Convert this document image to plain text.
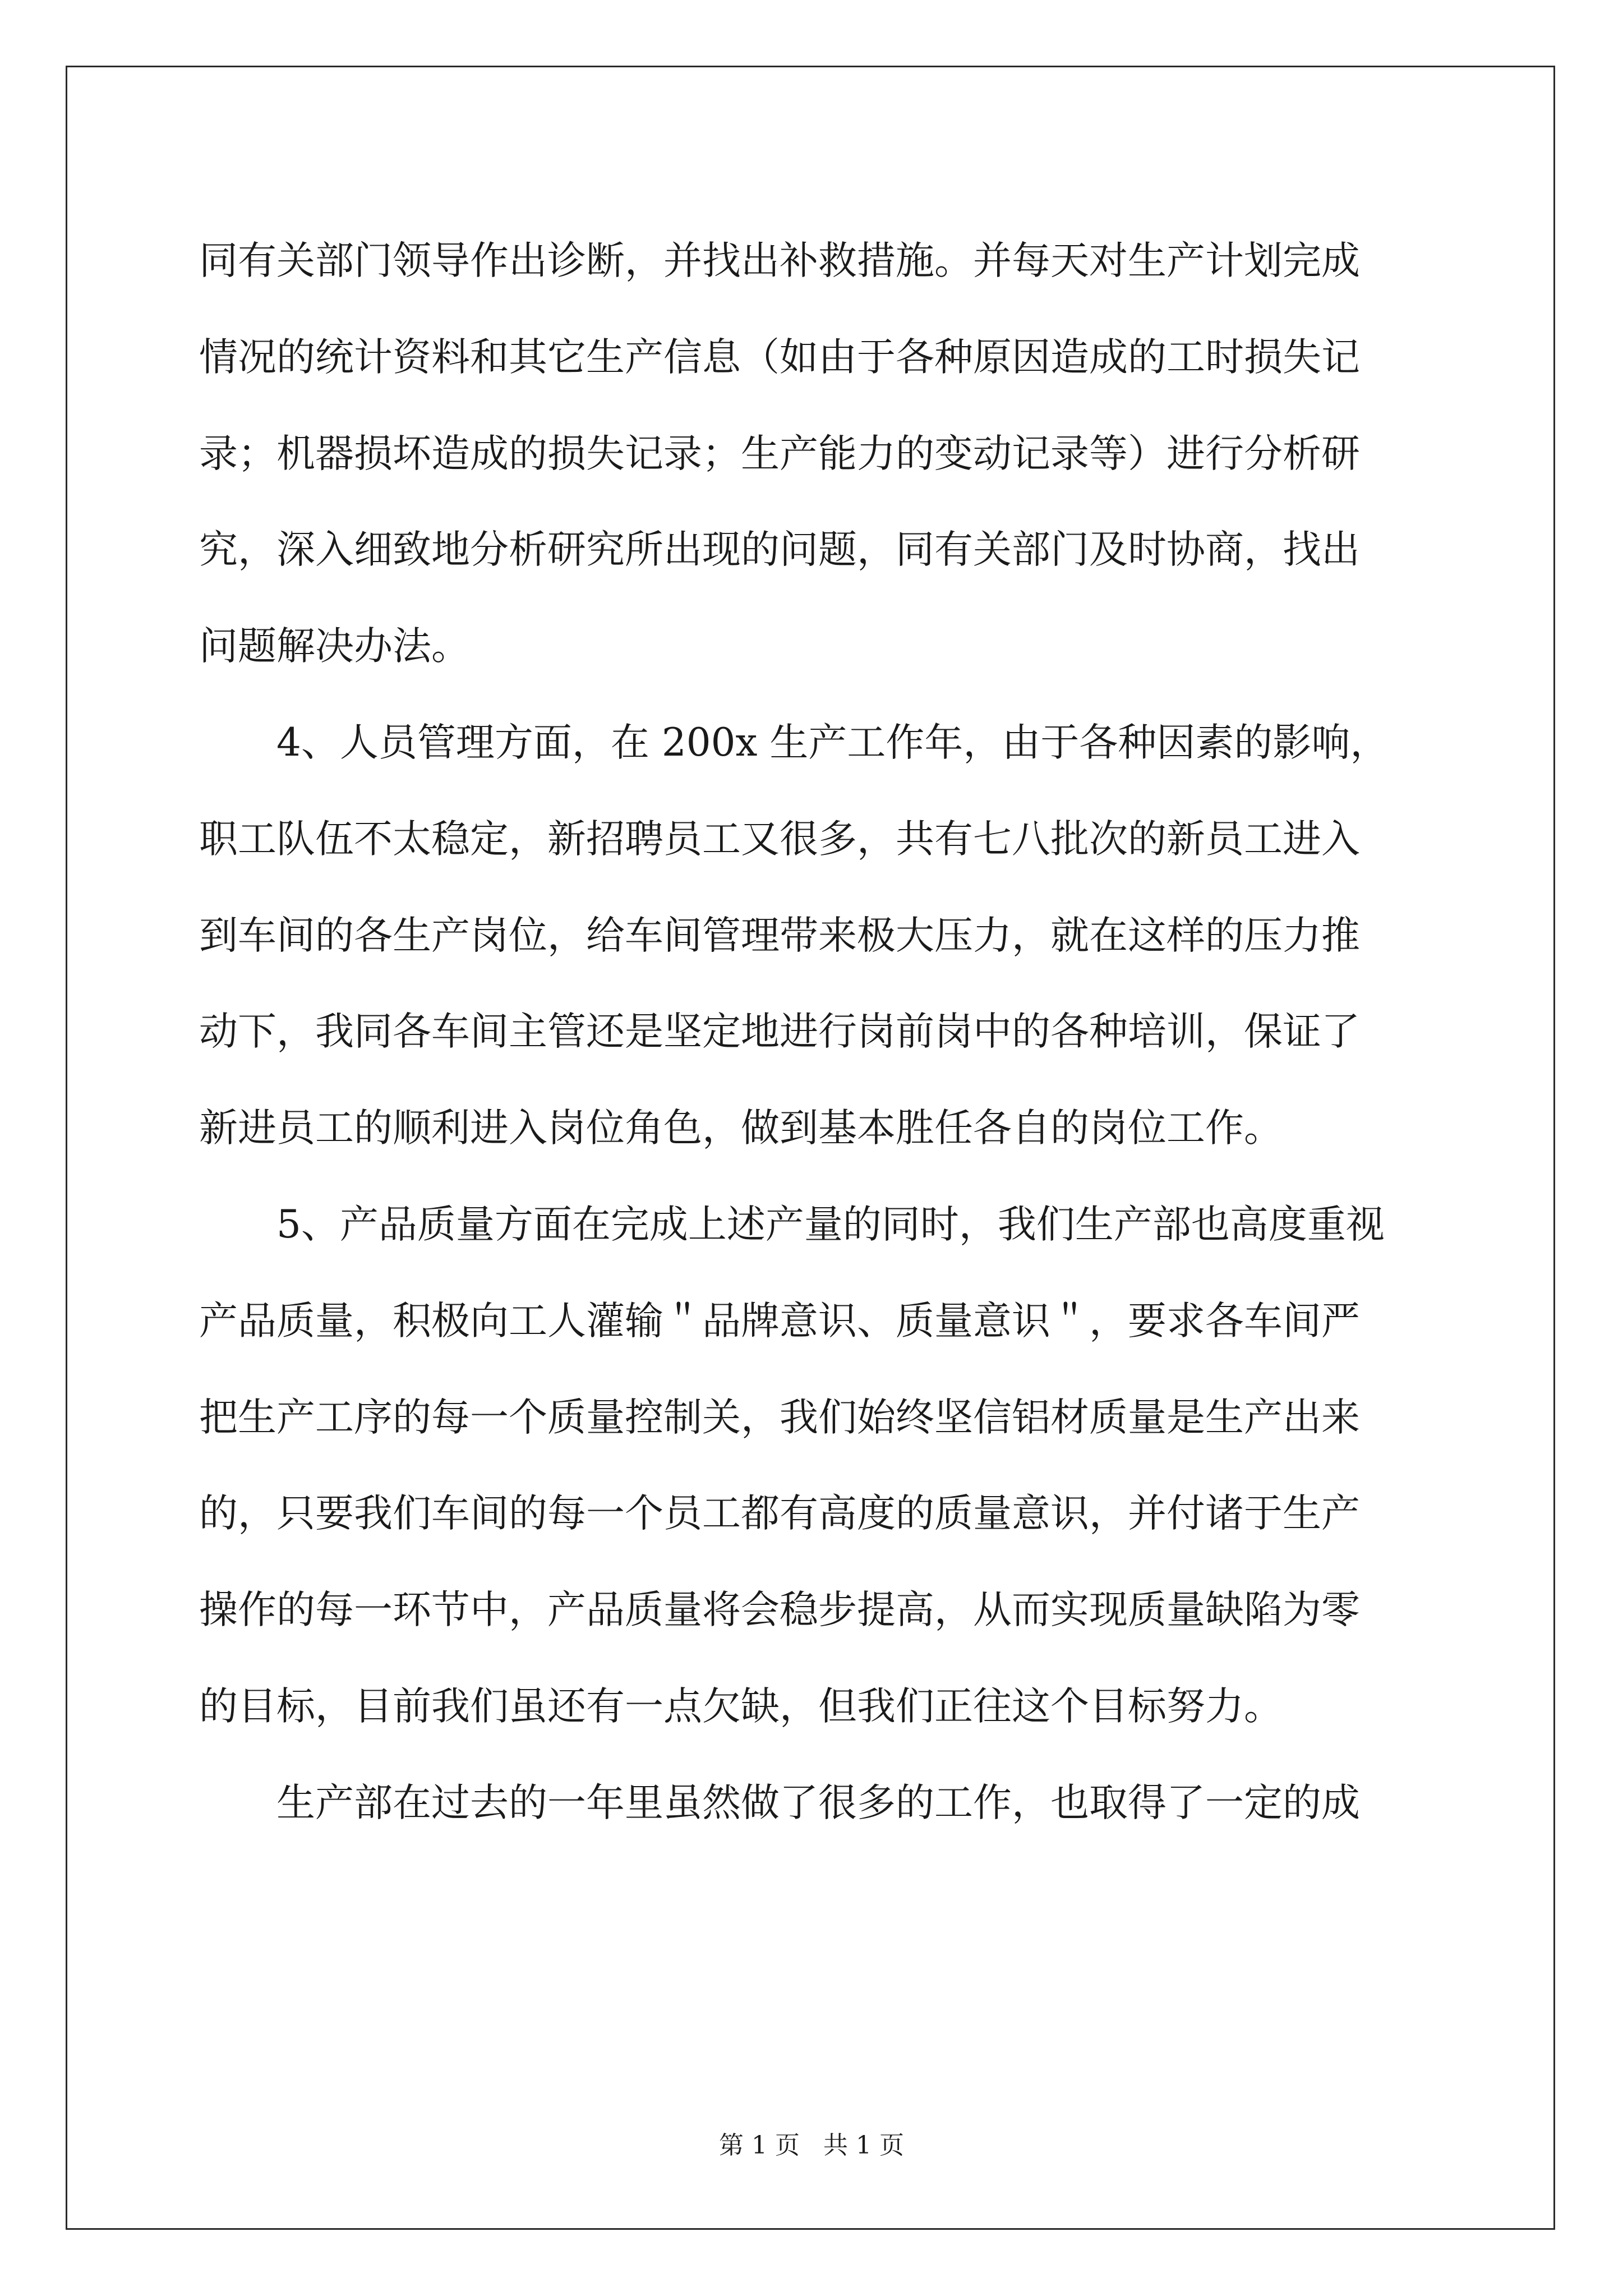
同有关部门领导作出诊断，并找出补救措施。并每天对生产计划完成
情况的统计资料和其它生产信息（如由于各种原因造成的工时损失记
录；机器损坏造成的损失记录；生产能力的变动记录等）进行分析研
究，深入细致地分析研究所出现的问题，同有关部门及时协商，找出
问题解决办法。
4、人员管理方面，在 200x 生产工作年，由于各种因素的影响，
职工队伍不太稳定，新招聘员工又很多，共有七八批次的新员工进入
到车间的各生产岗位，给车间管理带来极大压力，就在这样的压力推
动下，我同各车间主管还是坚定地进行岗前岗中的各种培训，保证了
新进员工的顺利进入岗位角色，做到基本胜任各自的岗位工作。
5、产品质量方面在完成上述产量的同时，我们生产部也高度重视
产品质量，积极向工人灌输＂品牌意识、质量意识＂，要求各车间严
把生产工序的每一个质量控制关，我们始终坚信铝材质量是生产出来
的，只要我们车间的每一个员工都有高度的质量意识，并付诸于生产
操作的每一环节中，产品质量将会稳步提高，从而实现质量缺陷为零
的目标，目前我们虽还有一点欠缺，但我们正往这个目标努力。
生产部在过去的一年里虽然做了很多的工作，也取得了一定的成
第 1 页   共 1 页
